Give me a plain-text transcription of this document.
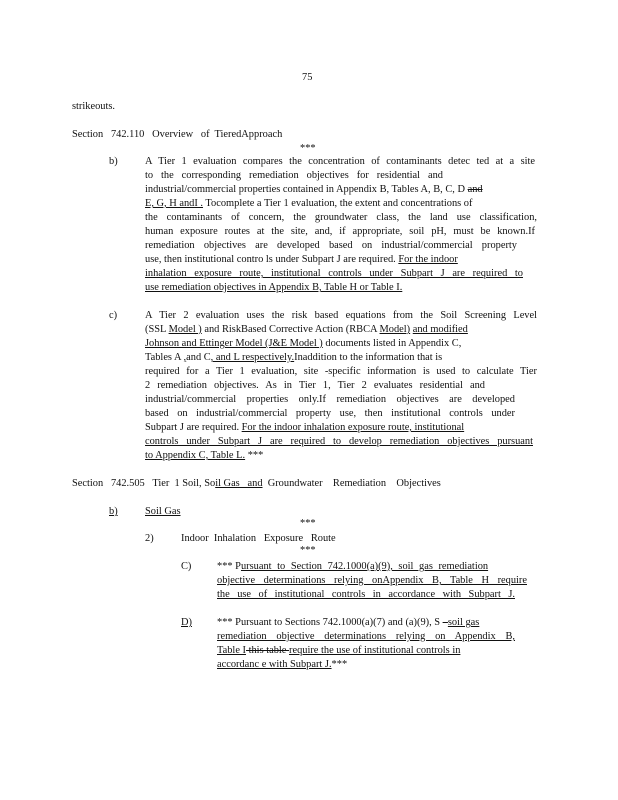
75
strikeouts.
Section   742.110   Overview   of  TieredApproach
***
b)	A Tier 1 evaluation compares the concentration of contaminants detec ted at a site
to the corresponding remediation objectives for residential and
industrial/commercial properties contained in Appendix B, Tables A, B, C, D and
E, G, H andI . Tocomplete a Tier 1 evaluation, the extent and concentrations of
the contaminants of concern, the groundwater class, the land use classification,
human exposure routes at the site, and, if appropriate, soil pH, must be known.If
remediation objectives are developed based on industrial/commercial property
use, then institutional contro ls under Subpart J are required. For the indoor
inhalation exposure route, institutional controls under Subpart J are required to
use remediation objectives in Appendix B, Table H or Table I.
c)	A Tier 2 evaluation uses the risk based equations from the Soil Screening Level
(SSL Model ) and RiskBased Corrective Action (RBCA Model) and modified
Johnson and Ettinger Model (J&E Model ) documents listed in Appendix C,
Tables A ,and C, and L respectively.Inaddition to the information that is
required for a Tier 1 evaluation, site -specific information is used to calculate Tier
2 remediation objectives. As in Tier 1, Tier 2 evaluates residential and
industrial/commercial properties only.If remediation objectives are developed
based on industrial/commercial property use, then institutional controls under
Subpart J are required. For the indoor inhalation exposure route, institutional
controls under Subpart J are required to develop remediation objectives pursuant
to Appendix C, Table L. ***
Section   742.505   Tier  1 Soil, Soil Gas   and  Groundwater    Remediation    Objectives
b)	Soil Gas
***
2)	Indoor  Inhalation   Exposure   Route
***
C) *** Pursuant to Section 742.1000(a)(9), soil gas remediation
objective determinations relying onAppendix B, Table H require
the use of institutional controls in accordance with Subpart J.
D) *** Pursuant to Sections 742.1000(a)(7) and (a)(9), S –soil gas
remediation objective determinations relying on Appendix B,
Table I this table require the use of institutional controls in
accordanc e with Subpart J.***
